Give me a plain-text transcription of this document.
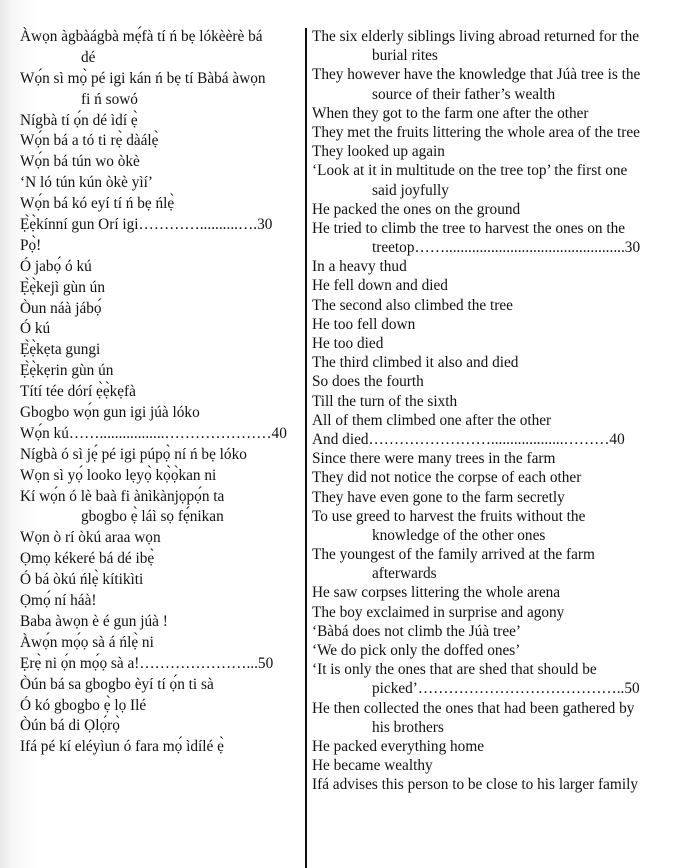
Àwọn àgbàágbà mẹ́fà tí ń bẹ lókèèrè bá
dé
Wọ́n sì mọ̀ pé igi kán ń bẹ tí Bàbá àwọn
fi ń sowó
Nígbà tí ọ́n dé ìdí ẹ̀
Wọ́n bá a tó ti rẹ̀ dàálẹ̀
Wọ́n bá tún wo òkè
‘N ló tún kún òkè yìí’
Wọ́n bá kó eyí tí ń bẹ ńlẹ̀
Ẹ̀ẹ̀kínní gun Orí igi…………..........….30
Pọ̀!
Ó jabọ́ ó kú
Ẹ̀ẹ̀kejì gùn ún
Òun náà jábọ́
Ó kú
Ẹ̀ẹ̀kẹta gungi
Ẹ̀ẹ̀kẹrin gùn ún
Títí tée dórí ẹ̀ẹ̀kẹfà
Gbogbo wọ́n gun igi júà lóko
Wọ́n kú…….................…………………40
Nígbà ó sì jẹ́ pé igi púpọ̀ ní ń bẹ lóko
Wọn sì yọ́ looko lẹyọ̀ kọ̀ọ̀kan ni
Kí wọ́n ó lè baà fi ànìkànjọpọ́n ta
gbogbo ẹ̀ láì sọ fẹ́nikan
Wọn ò rí òkú araa wọn
Ọmọ kékeré bá dé ibẹ̀
Ó bá òkú ńlẹ̀ kítikìti
Ọmọ́ ní háà!
Baba àwọn è é gun júà !
Àwọ́n mọ́ọ sà á ńlẹ̀ ni
Ẹrẹ̀ ni ọ́n mọ́ọ sà a!…………………...50
Òún bá sa gbogbo èyí tí ọ́n ti sà
Ó kó gbogbo ẹ̀ lọ Ilé
Òún bá di Ọlọ́rọ̀
Ifá pé kí eléyìun ó fara mọ́ ìdílé ẹ̀
The six elderly siblings living abroad returned for the
burial rites
They however have the knowledge that Júà tree is the
source of their father’s wealth
When they got to the farm one after the other
They met the fruits littering the whole area of the tree
They looked up again
‘Look at it in multitude on the tree top’ the first one
said joyfully
He packed the ones on the ground
He tried to climb the tree to harvest the ones on the
treetop……...............................................30
In a heavy thud
He fell down and died
The second also climbed the tree
He too fell down
He too died
The third climbed it also and died
So does the fourth
Till the turn of the sixth
All of them climbed one after the other
And died……………………...................………40
Since there were many trees in the farm
They did not notice the corpse of each other
They have even gone to the farm secretly
To use greed to harvest the fruits without the
knowledge of the other ones
The youngest of the family arrived at the farm
afterwards
He saw corpses littering the whole arena
The boy exclaimed in surprise and agony
‘Bàbá does not climb the Júà tree’
‘We do pick only the doffed ones’
‘It is only the ones that are shed that should be
picked’…………………………………..50
He then collected the ones that had been gathered by
his brothers
He packed everything home
He became wealthy
Ifá advises this person to be close to his larger family
